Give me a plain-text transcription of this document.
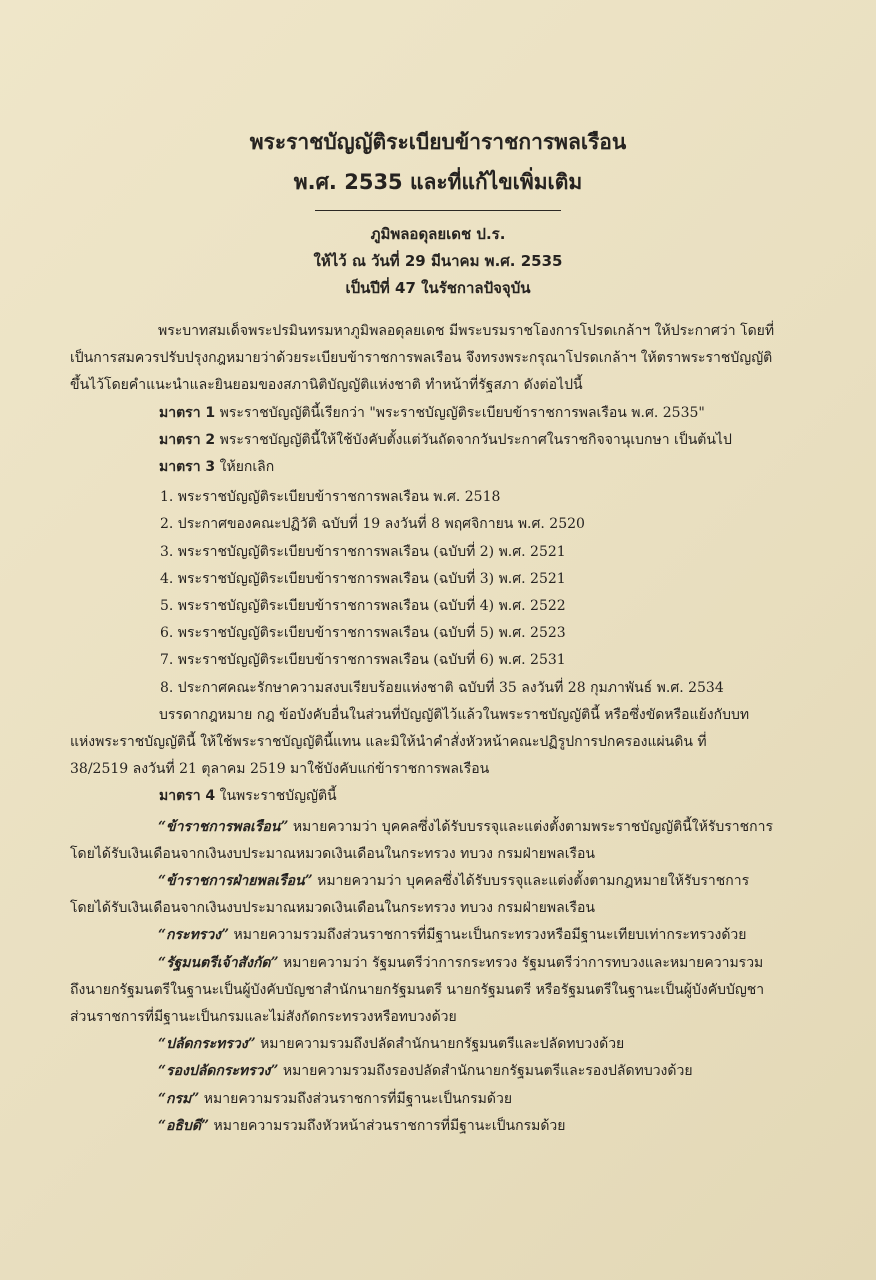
พระราชบัญญัติระเบียบข้าราชการพลเรือน
พ.ศ. 2535 และที่แก้ไขเพิ่มเติม
ภูมิพลอดุลยเดช ป.ร.
ให้ไว้ ณ วันที่ 29 มีนาคม พ.ศ. 2535
เป็นปีที่ 47 ในรัชกาลปัจจุบัน
พระบาทสมเด็จพระปรมินทรมหาภูมิพลอดุลยเดช มีพระบรมราชโองการโปรดเกล้าฯ ให้ประกาศว่า โดยที่
เป็นการสมควรปรับปรุงกฎหมายว่าด้วยระเบียบข้าราชการพลเรือน จึงทรงพระกรุณาโปรดเกล้าฯ ให้ตราพระราชบัญญัติ
ขึ้นไว้โดยคำแนะนำและยินยอมของสภานิติบัญญัติแห่งชาติ ทำหน้าที่รัฐสภา ดังต่อไปนี้
มาตรา 1 พระราชบัญญัตินี้เรียกว่า "พระราชบัญญัติระเบียบข้าราชการพลเรือน พ.ศ. 2535"
มาตรา 2 พระราชบัญญัตินี้ให้ใช้บังคับตั้งแต่วันถัดจากวันประกาศในราชกิจจานุเบกษา เป็นต้นไป
มาตรา 3 ให้ยกเลิก
1. พระราชบัญญัติระเบียบข้าราชการพลเรือน พ.ศ. 2518
2. ประกาศของคณะปฏิวัติ ฉบับที่ 19 ลงวันที่ 8 พฤศจิกายน พ.ศ. 2520
3. พระราชบัญญัติระเบียบข้าราชการพลเรือน (ฉบับที่ 2) พ.ศ. 2521
4. พระราชบัญญัติระเบียบข้าราชการพลเรือน (ฉบับที่ 3) พ.ศ. 2521
5. พระราชบัญญัติระเบียบข้าราชการพลเรือน (ฉบับที่ 4) พ.ศ. 2522
6. พระราชบัญญัติระเบียบข้าราชการพลเรือน (ฉบับที่ 5) พ.ศ. 2523
7. พระราชบัญญัติระเบียบข้าราชการพลเรือน (ฉบับที่ 6) พ.ศ. 2531
8. ประกาศคณะรักษาความสงบเรียบร้อยแห่งชาติ ฉบับที่ 35 ลงวันที่ 28 กุมภาพันธ์ พ.ศ. 2534
บรรดากฎหมาย กฎ ข้อบังคับอื่นในส่วนที่บัญญัติไว้แล้วในพระราชบัญญัตินี้ หรือซึ่งขัดหรือแย้งกับบท
แห่งพระราชบัญญัตินี้ ให้ใช้พระราชบัญญัตินี้แทน และมิให้นำคำสั่งหัวหน้าคณะปฏิรูปการปกครองแผ่นดิน ที่
38/2519 ลงวันที่ 21 ตุลาคม 2519 มาใช้บังคับแก่ข้าราชการพลเรือน
มาตรา 4 ในพระราชบัญญัตินี้
“ข้าราชการพลเรือน” หมายความว่า บุคคลซึ่งได้รับบรรจุและแต่งตั้งตามพระราชบัญญัตินี้ให้รับราชการ
โดยได้รับเงินเดือนจากเงินงบประมาณหมวดเงินเดือนในกระทรวง ทบวง กรมฝ่ายพลเรือน
“ข้าราชการฝ่ายพลเรือน” หมายความว่า บุคคลซึ่งได้รับบรรจุและแต่งตั้งตามกฎหมายให้รับราชการ
โดยได้รับเงินเดือนจากเงินงบประมาณหมวดเงินเดือนในกระทรวง ทบวง กรมฝ่ายพลเรือน
“กระทรวง” หมายความรวมถึงส่วนราชการที่มีฐานะเป็นกระทรวงหรือมีฐานะเทียบเท่ากระทรวงด้วย
“รัฐมนตรีเจ้าสังกัด” หมายความว่า รัฐมนตรีว่าการกระทรวง รัฐมนตรีว่าการทบวงและหมายความรวม
ถึงนายกรัฐมนตรีในฐานะเป็นผู้บังคับบัญชาสำนักนายกรัฐมนตรี นายกรัฐมนตรี หรือรัฐมนตรีในฐานะเป็นผู้บังคับบัญชา
ส่วนราชการที่มีฐานะเป็นกรมและไม่สังกัดกระทรวงหรือทบวงด้วย
“ปลัดกระทรวง” หมายความรวมถึงปลัดสำนักนายกรัฐมนตรีและปลัดทบวงด้วย
“รองปลัดกระทรวง” หมายความรวมถึงรองปลัดสำนักนายกรัฐมนตรีและรองปลัดทบวงด้วย
“กรม” หมายความรวมถึงส่วนราชการที่มีฐานะเป็นกรมด้วย
“อธิบดี” หมายความรวมถึงหัวหน้าส่วนราชการที่มีฐานะเป็นกรมด้วย
